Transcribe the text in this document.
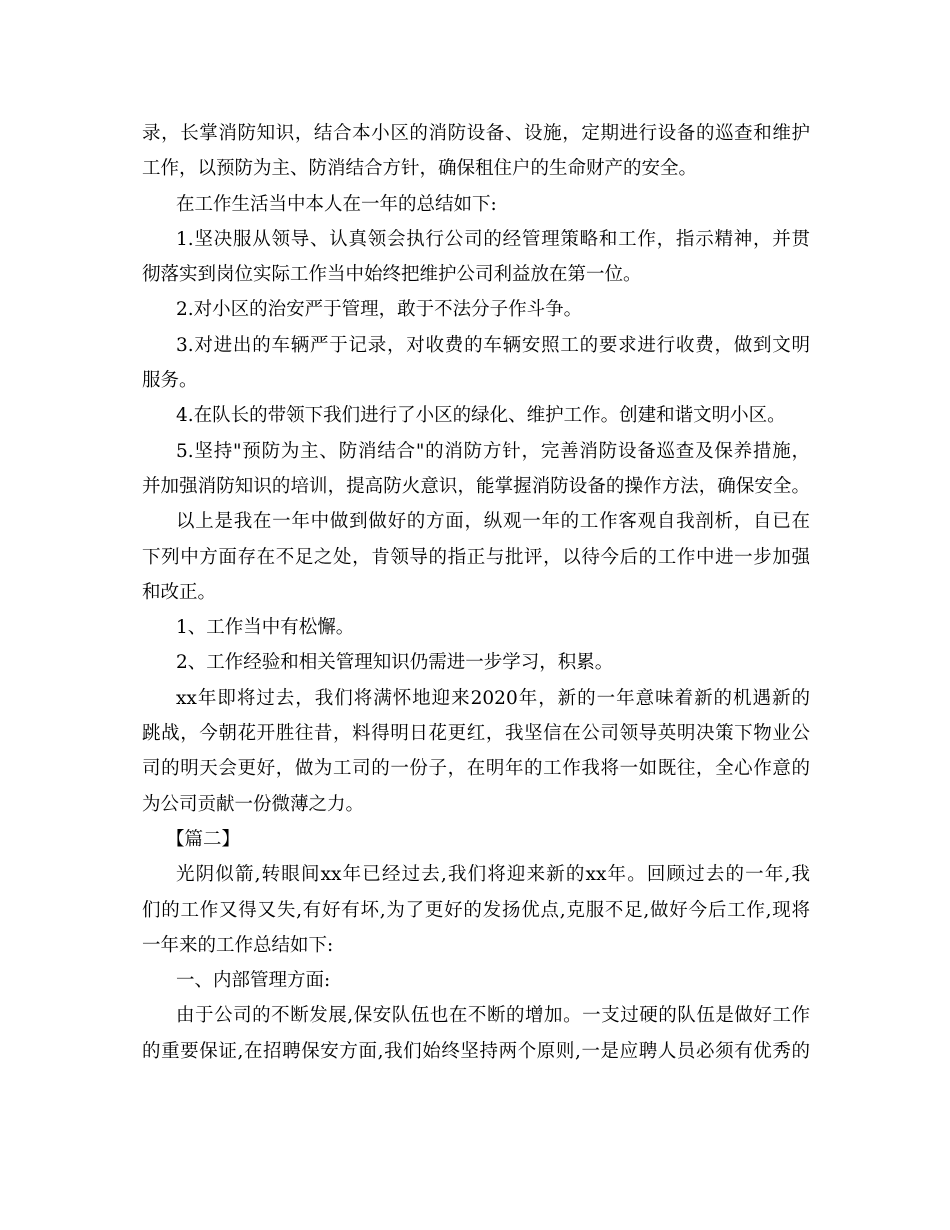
录，长掌消防知识，结合本小区的消防设备、设施，定期进行设备的巡查和维护
工作，以预防为主、防消结合方针，确保租住户的生命财产的安全。
在工作生活当中本人在一年的总结如下:
1.坚决服从领导、认真领会执行公司的经管理策略和工作，指示精神，并贯
彻落实到岗位实际工作当中始终把维护公司利益放在第一位。
2.对小区的治安严于管理，敢于不法分子作斗争。
3.对进出的车辆严于记录，对收费的车辆安照工的要求进行收费，做到文明
服务。
4.在队长的带领下我们进行了小区的绿化、维护工作。创建和谐文明小区。
5.坚持"预防为主、防消结合"的消防方针，完善消防设备巡查及保养措施，
并加强消防知识的培训，提高防火意识，能掌握消防设备的操作方法，确保安全。
以上是我在一年中做到做好的方面，纵观一年的工作客观自我剖析，自已在
下列中方面存在不足之处，肯领导的指正与批评，以待今后的工作中进一步加强
和改正。
1、工作当中有松懈。
2、工作经验和相关管理知识仍需进一步学习，积累。
xx年即将过去，我们将满怀地迎来2020年，新的一年意味着新的机遇新的
跳战，今朝花开胜往昔，料得明日花更红，我坚信在公司领导英明决策下物业公
司的明天会更好，做为工司的一份子，在明年的工作我将一如既往，全心作意的
为公司贡献一份微薄之力。
【篇二】
光阴似箭,转眼间xx年已经过去,我们将迎来新的xx年。回顾过去的一年,我
们的工作又得又失,有好有坏,为了更好的发扬优点,克服不足,做好今后工作,现将
一年来的工作总结如下:
一、内部管理方面:
由于公司的不断发展,保安队伍也在不断的增加。一支过硬的队伍是做好工作
的重要保证,在招聘保安方面,我们始终坚持两个原则,一是应聘人员必须有优秀的
